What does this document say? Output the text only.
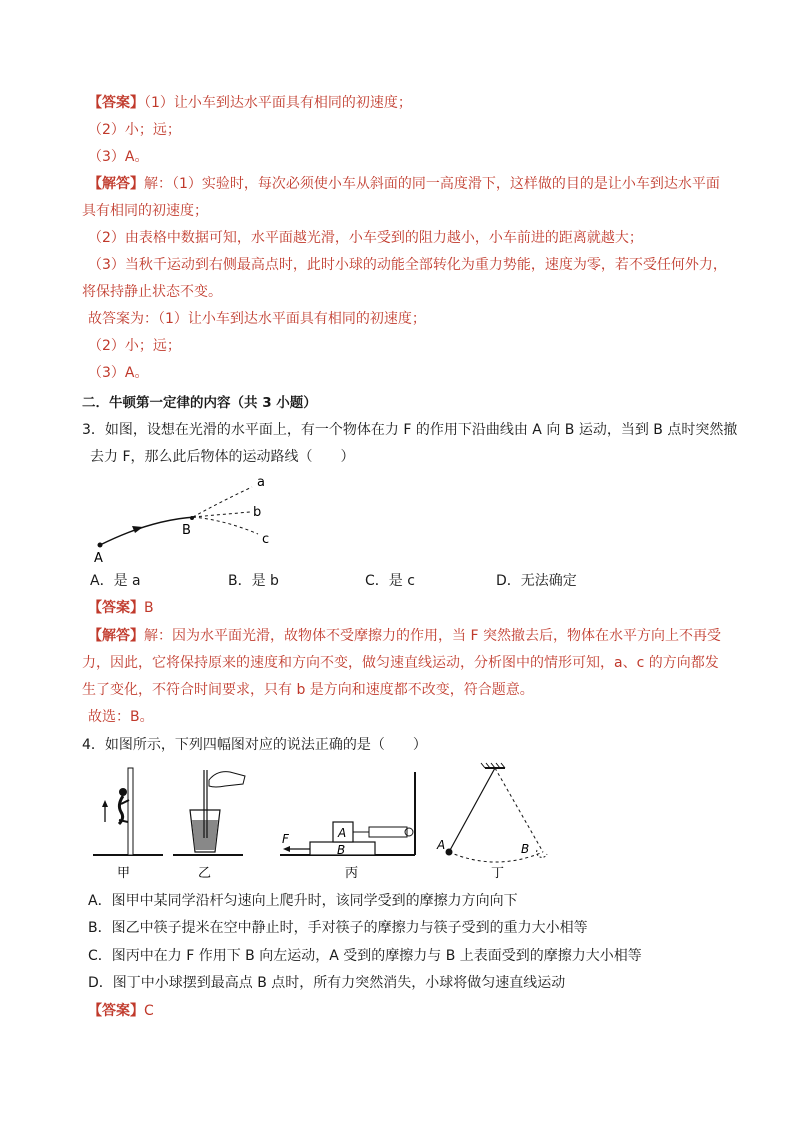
【答案】（1）让小车到达水平面具有相同的初速度；
（2）小；远；
（3）A。
【解答】解：（1）实验时，每次必须使小车从斜面的同一高度滑下，这样做的目的是让小车到达水平面
具有相同的初速度；
（2）由表格中数据可知，水平面越光滑，小车受到的阻力越小，小车前进的距离就越大；
（3）当秋千运动到右侧最高点时，此时小球的动能全部转化为重力势能，速度为零，若不受任何外力，
将保持静止状态不变。
故答案为：（1）让小车到达水平面具有相同的初速度；
（2）小；远；
（3）A。
二．牛顿第一定律的内容（共 3 小题）
3．如图，设想在光滑的水平面上，有一个物体在力 F 的作用下沿曲线由 A 向 B 运动，当到 B 点时突然撤
去力 F，那么此后物体的运动路线（　　）
a
b
c
A
B
A．是 a	B．是 b	C．是 c	D．无法确定
【答案】B
【解答】解：因为水平面光滑，故物体不受摩擦力的作用，当 F 突然撤去后，物体在水平方向上不再受
力，因此，它将保持原来的速度和方向不变，做匀速直线运动，分析图中的情形可知，a、c 的方向都发
生了变化，不符合时间要求，只有 b 是方向和速度都不改变，符合题意。
故选：B。
4．如图所示，下列四幅图对应的说法正确的是（　　）
甲	乙
F	A
B
丙
A	B
丁
A．图甲中某同学沿杆匀速向上爬升时，该同学受到的摩擦力方向向下
B．图乙中筷子提米在空中静止时，手对筷子的摩擦力与筷子受到的重力大小相等
C．图丙中在力 F 作用下 B 向左运动，A 受到的摩擦力与 B 上表面受到的摩擦力大小相等
D．图丁中小球摆到最高点 B 点时，所有力突然消失，小球将做匀速直线运动
【答案】C
